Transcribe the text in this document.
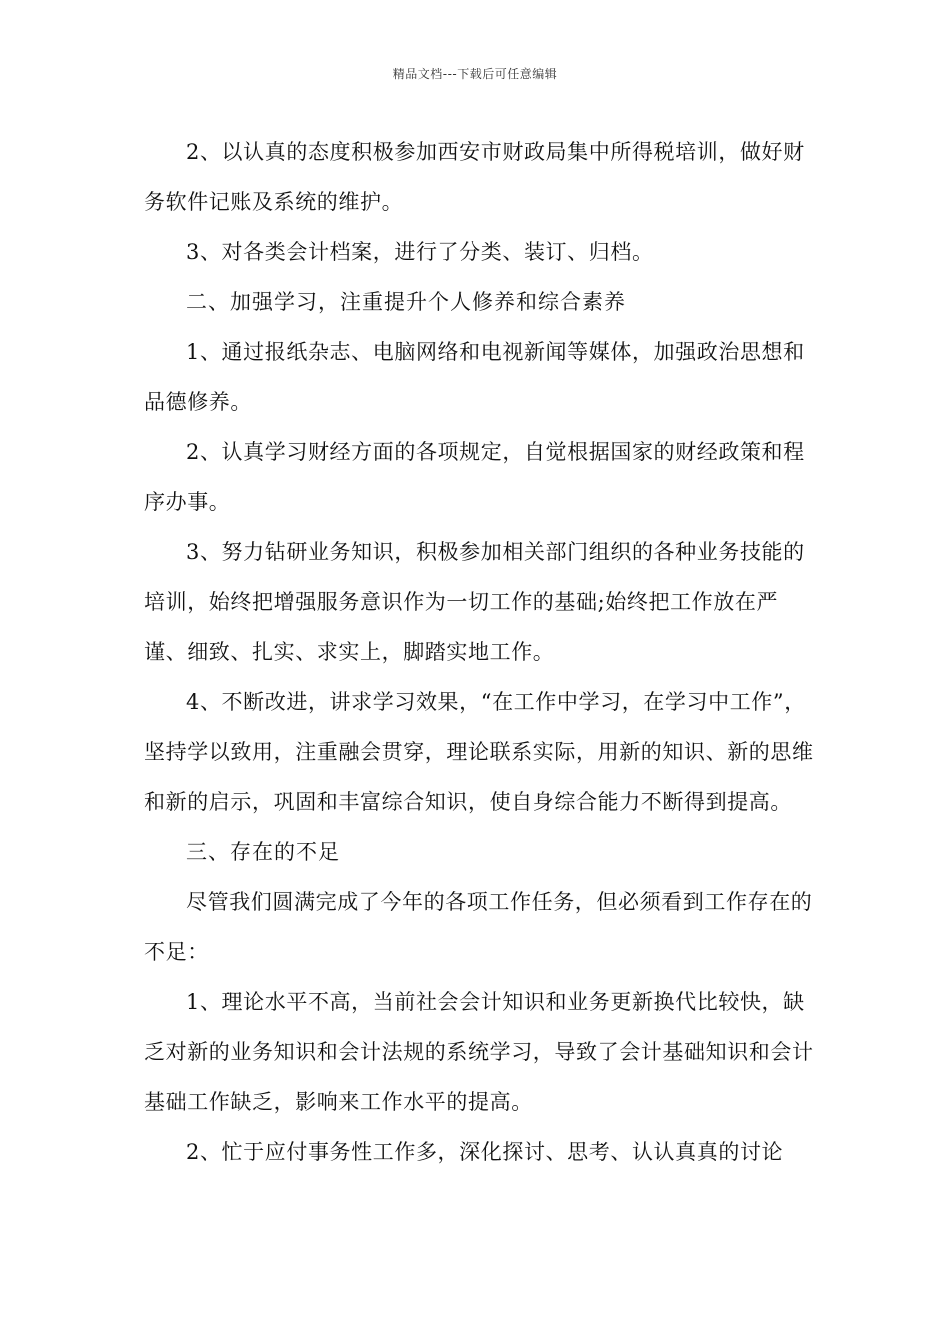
精品文档---下载后可任意编辑

2、以认真的态度积极参加西安市财政局集中所得税培训，做好财务软件记账及系统的维护。

3、对各类会计档案，进行了分类、装订、归档。

二、加强学习，注重提升个人修养和综合素养

1、通过报纸杂志、电脑网络和电视新闻等媒体，加强政治思想和品德修养。

2、认真学习财经方面的各项规定，自觉根据国家的财经政策和程序办事。

3、努力钻研业务知识，积极参加相关部门组织的各种业务技能的培训，始终把增强服务意识作为一切工作的基础;始终把工作放在严谨、细致、扎实、求实上，脚踏实地工作。

4、不断改进，讲求学习效果，“在工作中学习，在学习中工作”，坚持学以致用，注重融会贯穿，理论联系实际，用新的知识、新的思维和新的启示，巩固和丰富综合知识，使自身综合能力不断得到提高。

三、存在的不足

尽管我们圆满完成了今年的各项工作任务，但必须看到工作存在的不足：

1、理论水平不高，当前社会会计知识和业务更新换代比较快，缺乏对新的业务知识和会计法规的系统学习，导致了会计基础知识和会计基础工作缺乏，影响来工作水平的提高。

2、忙于应付事务性工作多，深化探讨、思考、认认真真的讨论
